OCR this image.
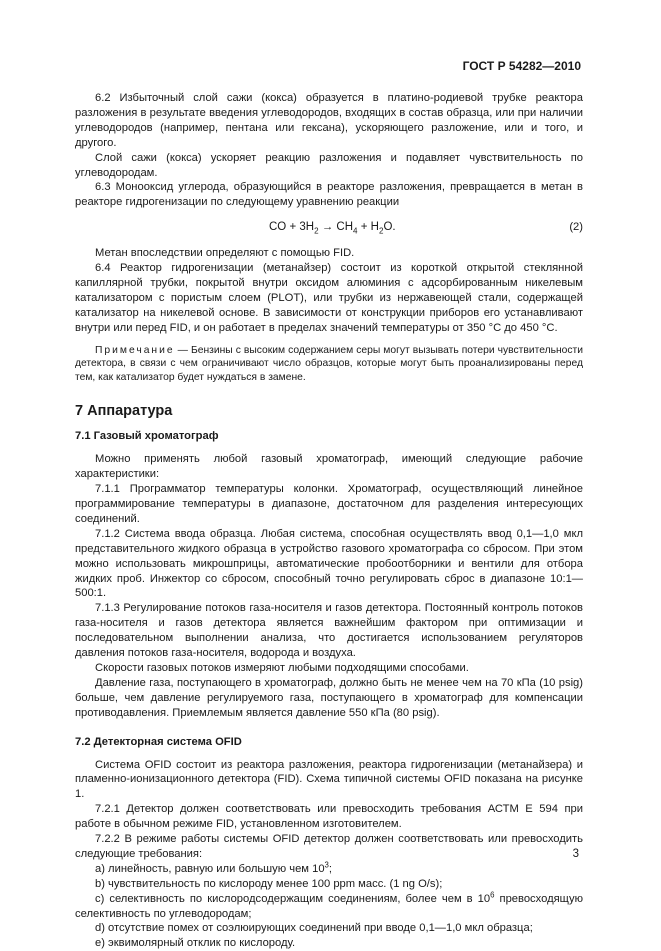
ГОСТ Р 54282—2010

6.2 Избыточный слой сажи (кокса) образуется в платино-родиевой трубке реактора разложения в результате введения углеводородов, входящих в состав образца, или при наличии углеводородов (например, пентана или гексана), ускоряющего разложение, или и того, и другого.

Слой сажи (кокса) ускоряет реакцию разложения и подавляет чувствительность по углеводородам.

6.3 Монооксид углерода, образующийся в реакторе разложения, превращается в метан в реакторе гидрогенизации по следующему уравнению реакции

CO + $3H_2 \to CH_4 + H_2O$.	(2)

Метан впоследствии определяют с помощью FID.

6.4 Реактор гидрогенизации (метанайзер) состоит из короткой открытой стеклянной капиллярной трубки, покрытой внутри оксидом алюминия с адсорбированным никелевым катализатором с пористым слоем (PLOT), или трубки из нержавеющей стали, содержащей катализатор на никелевой основе. В зависимости от конструкции приборов его устанавливают внутри или перед FID, и он работает в пределах значений температуры от 350 °С до 450 °С.

Примечание — Бензины с высоким содержанием серы могут вызывать потери чувствительности детектора, в связи с чем ограничивают число образцов, которые могут быть проанализированы перед тем, как катализатор будет нуждаться в замене.

7 Аппаратура
7.1 Газовый хроматограф

Можно применять любой газовый хроматограф, имеющий следующие рабочие характеристики:

7.1.1 Программатор температуры колонки. Хроматограф, осуществляющий линейное программирование температуры в диапазоне, достаточном для разделения интересующих соединений.

7.1.2 Система ввода образца. Любая система, способная осуществлять ввод 0,1—1,0 мкл представительного жидкого образца в устройство газового хроматографа со сбросом. При этом можно использовать микрошприцы, автоматические пробоотборники и вентили для отбора жидких проб. Инжектор со сбросом, способный точно регулировать сброс в диапазоне 10:1—500:1.

7.1.3 Регулирование потоков газа-носителя и газов детектора. Постоянный контроль потоков газа-носителя и газов детектора является важнейшим фактором при оптимизации и последовательном выполнении анализа, что достигается использованием регуляторов давления потоков газа-носителя, водорода и воздуха.

Скорости газовых потоков измеряют любыми подходящими способами.

Давление газа, поступающего в хроматограф, должно быть не менее чем на 70 кПа (10 psig) больше, чем давление регулируемого газа, поступающего в хроматограф для компенсации противодавления. Приемлемым является давление 550 кПа (80 psig).

7.2 Детекторная система OFID

Система OFID состоит из реактора разложения, реактора гидрогенизации (метанайзера) и пламенно-ионизационного детектора (FID). Схема типичной системы OFID показана на рисунке 1.

7.2.1 Детектор должен соответствовать или превосходить требования АСТМ Е 594 при работе в обычном режиме FID, установленном изготовителем.

7.2.2 В режиме работы системы OFID детектор должен соответствовать или превосходить следующие требования:

а) линейность, равную или большую чем $10^3$;

b) чувствительность по кислороду менее 100 ppm масс. (1 ng O/s);

с) селективность по кислородсодержащим соединениям, более чем в $10^6$ превосходящую селективность по углеводородам;

d) отсутствие помех от соэлюирующих соединений при вводе 0,1—1,0 мкл образца;

е) эквимолярный отклик по кислороду.

3
